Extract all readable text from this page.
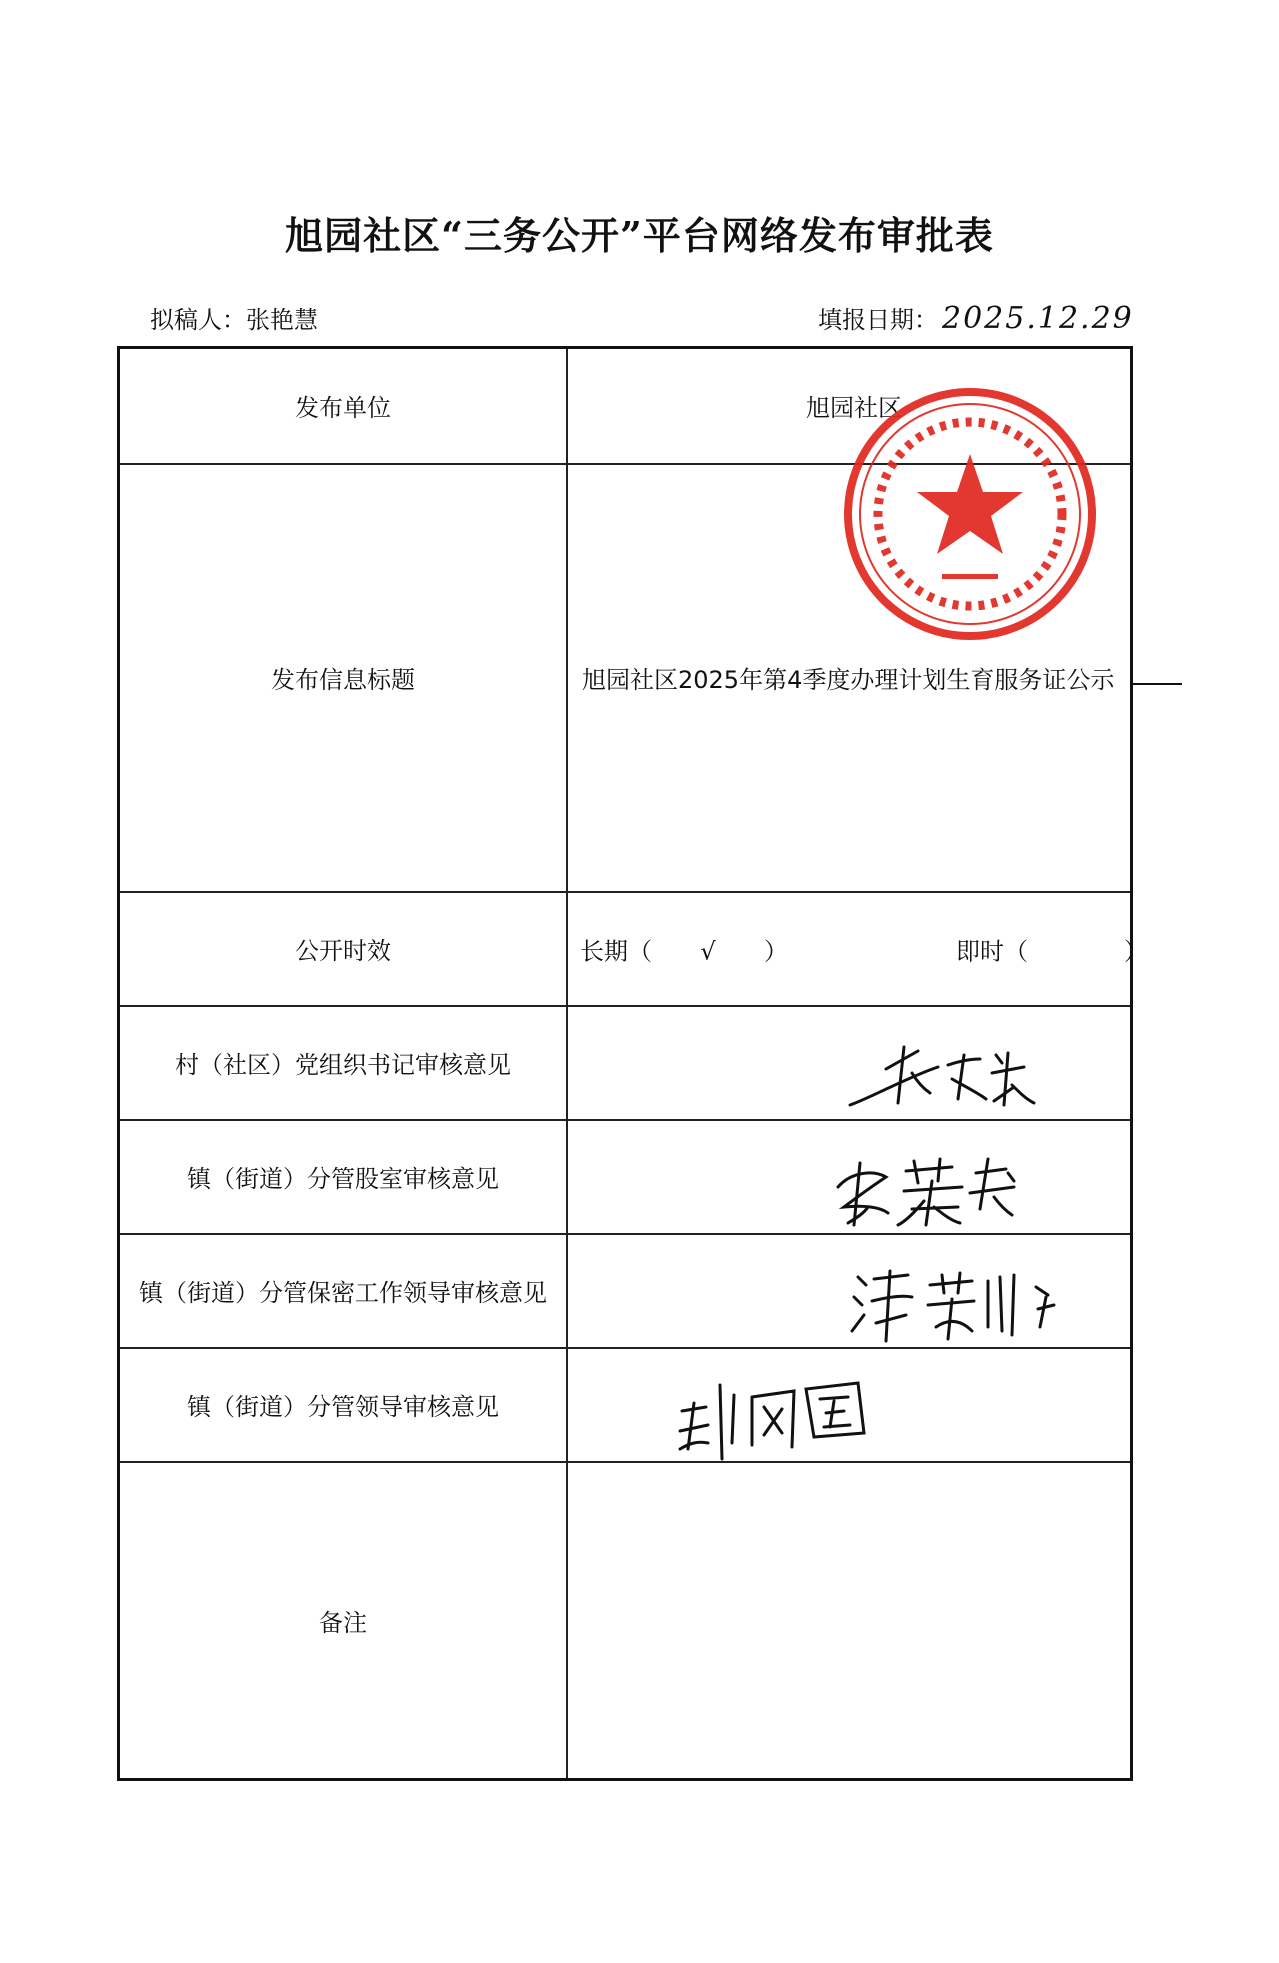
旭园社区“三务公开”平台网络发布审批表
拟稿人：张艳慧	填报日期： 2025.12.29
发布单位	旭园社区
发布信息标题	旭园社区2025年第4季度办理计划生育服务证公示
公开时效	长期（ √ ） 即时（ ）

村（社区）党组织书记审核意见	

镇（街道）分管股室审核意见	

镇（街道）分管保密工作领导审核意见	

镇（街道）分管领导审核意见	

备注	
